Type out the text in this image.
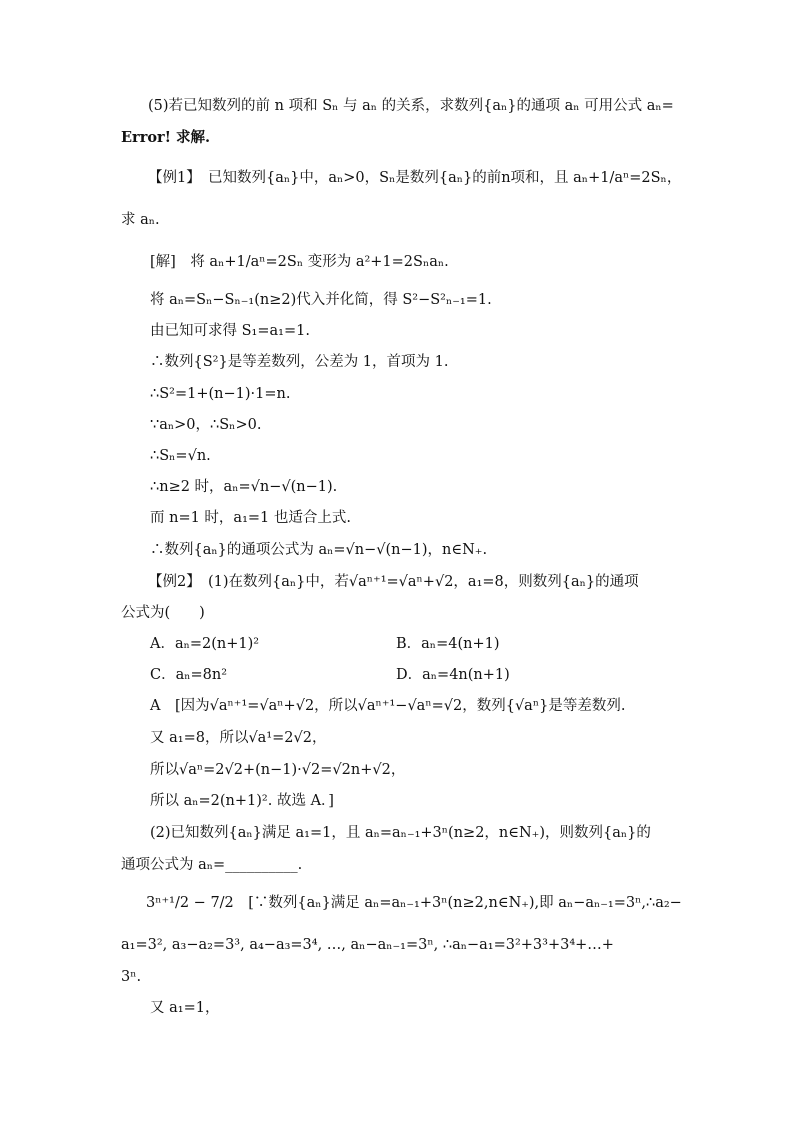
(5)若已知数列的前 n 项和 Sₙ 与 aₙ 的关系，求数列{aₙ}的通项 aₙ 可用公式 aₙ=
Error! 求解.
【例1】　已知数列{aₙ}中，aₙ>0，Sₙ是数列{aₙ}的前n项和，且 aₙ+1/aⁿ=2Sₙ，
求 aₙ.
[解]　将 aₙ+1/aⁿ=2Sₙ 变形为 a²+1=2Sₙaₙ.
将 aₙ=Sₙ−Sₙ₋₁(n≥2)代入并化简，得 S²−S²ₙ₋₁=1.
由已知可求得 S₁=a₁=1.
∴数列{S²}是等差数列，公差为 1，首项为 1.
∴S²=1+(n−1)·1=n.
∵aₙ>0，∴Sₙ>0.
∴Sₙ=√n.
∴n≥2 时，aₙ=√n−√(n−1).
而 n=1 时，a₁=1 也适合上式.
∴数列{aₙ}的通项公式为 aₙ=√n−√(n−1)，n∈N₊.
【例2】　(1)在数列{aₙ}中，若√aⁿ⁺¹=√aⁿ+√2，a₁=8，则数列{aₙ}的通项
公式为(　　)
A．aₙ=2(n+1)²	B．aₙ=4(n+1)
C．aₙ=8n²	D．aₙ=4n(n+1)
A　[因为√aⁿ⁺¹=√aⁿ+√2，所以√aⁿ⁺¹−√aⁿ=√2，数列{√aⁿ}是等差数列.
又 a₁=8，所以√a¹=2√2，
所以√aⁿ=2√2+(n−1)·√2=√2n+√2，
所以 aₙ=2(n+1)². 故选 A．]
(2)已知数列{aₙ}满足 a₁=1，且 aₙ=aₙ₋₁+3ⁿ(n≥2，n∈N₊)，则数列{aₙ}的
通项公式为 aₙ=__________.
3ⁿ⁺¹/2 − 7/2　[∵数列{aₙ}满足 aₙ=aₙ₋₁+3ⁿ(n≥2,n∈N₊),即 aₙ−aₙ₋₁=3ⁿ,∴a₂−
a₁=3², a₃−a₂=3³, a₄−a₃=3⁴, …, aₙ−aₙ₋₁=3ⁿ, ∴aₙ−a₁=3²+3³+3⁴+…+
3ⁿ.
又 a₁=1，
